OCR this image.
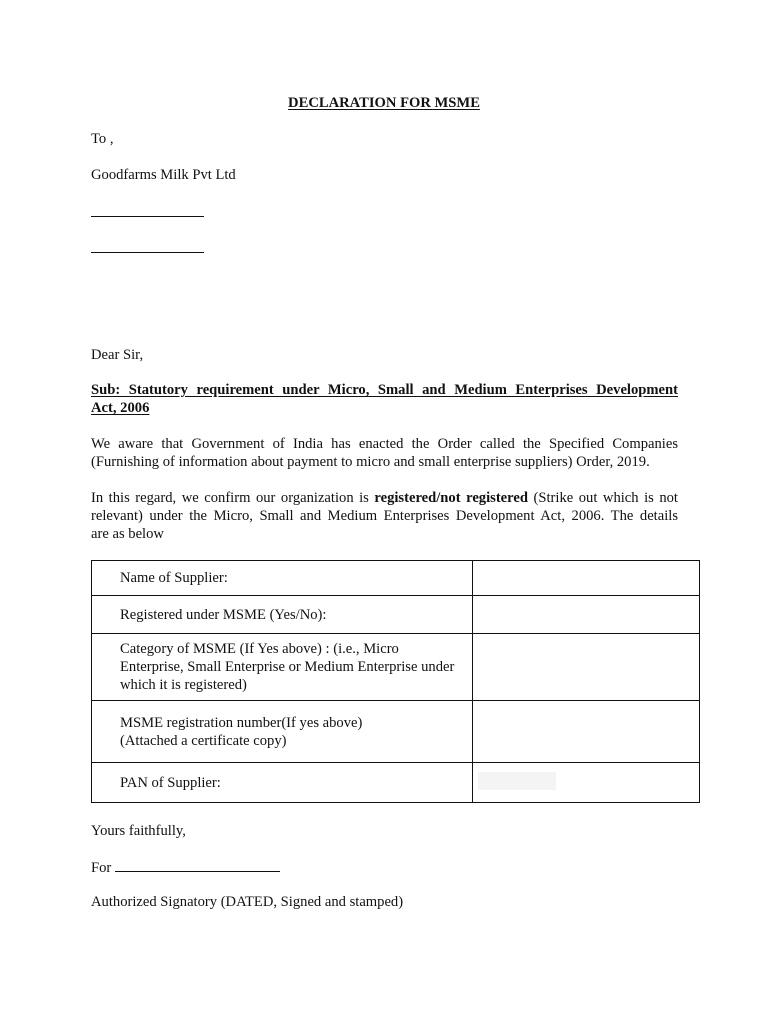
DECLARATION FOR MSME
To ,
Goodfarms Milk Pvt Ltd
Dear Sir,
Sub: Statutory requirement under Micro, Small and Medium Enterprises Development
Act, 2006
We aware that Government of India has enacted the Order called the Specified Companies
(Furnishing of information about payment to micro and small enterprise suppliers) Order, 2019.
In this regard, we confirm our organization is registered/not registered (Strike out which is not
relevant) under the Micro, Small and Medium Enterprises Development Act, 2006. The details
are as below
Name of Supplier:	

Registered under MSME (Yes/No):	

Category of MSME (If Yes above) : (i.e., Micro
Enterprise, Small Enterprise or Medium Enterprise under
which it is registered)	

MSME registration number(If yes above)
(Attached a certificate copy)	

PAN of Supplier:	

Yours faithfully,
For
Authorized Signatory (DATED, Signed and stamped)
